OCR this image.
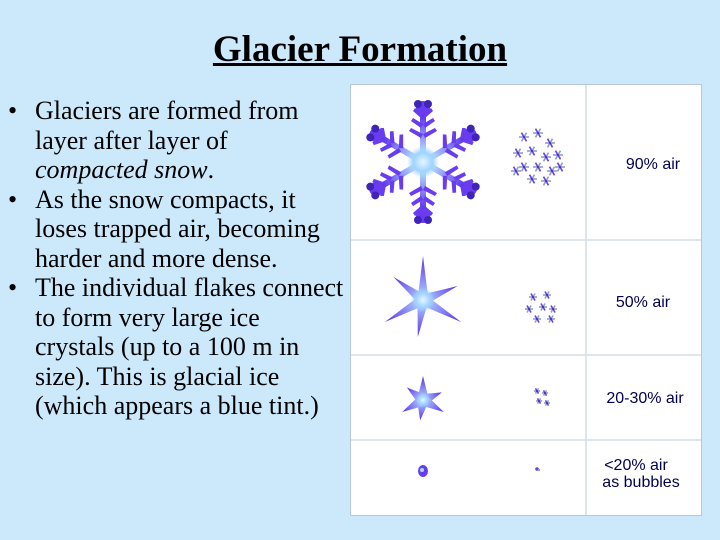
Glacier Formation
• Glaciers are formed from layer after layer of compacted snow.
• As the snow compacts, it loses trapped air, becoming harder and more dense.
• The individual flakes connect to form very large ice crystals (up to a 100 m in size). This is glacial ice (which appears a blue tint.)
90% air
50% air
20-30% air
<20% air
as bubbles
